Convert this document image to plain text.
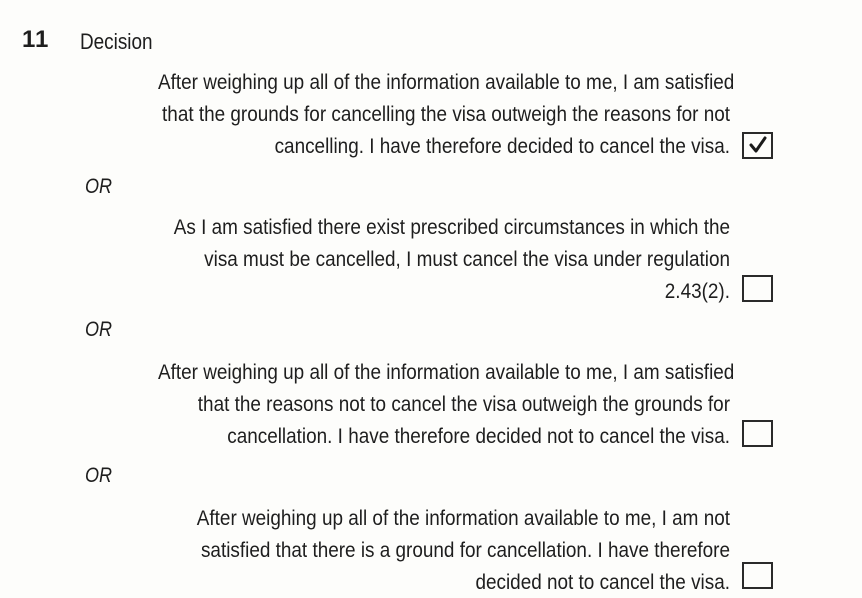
11 Decision
After weighing up all of the information available to me, I am satisfied
that the grounds for cancelling the visa outweigh the reasons for not
cancelling. I have therefore decided to cancel the visa.
OR
As I am satisfied there exist prescribed circumstances in which the
visa must be cancelled, I must cancel the visa under regulation
2.43(2).
OR
After weighing up all of the information available to me, I am satisfied
that the reasons not to cancel the visa outweigh the grounds for
cancellation. I have therefore decided not to cancel the visa.
OR
After weighing up all of the information available to me, I am not
satisfied that there is a ground for cancellation. I have therefore
decided not to cancel the visa.
